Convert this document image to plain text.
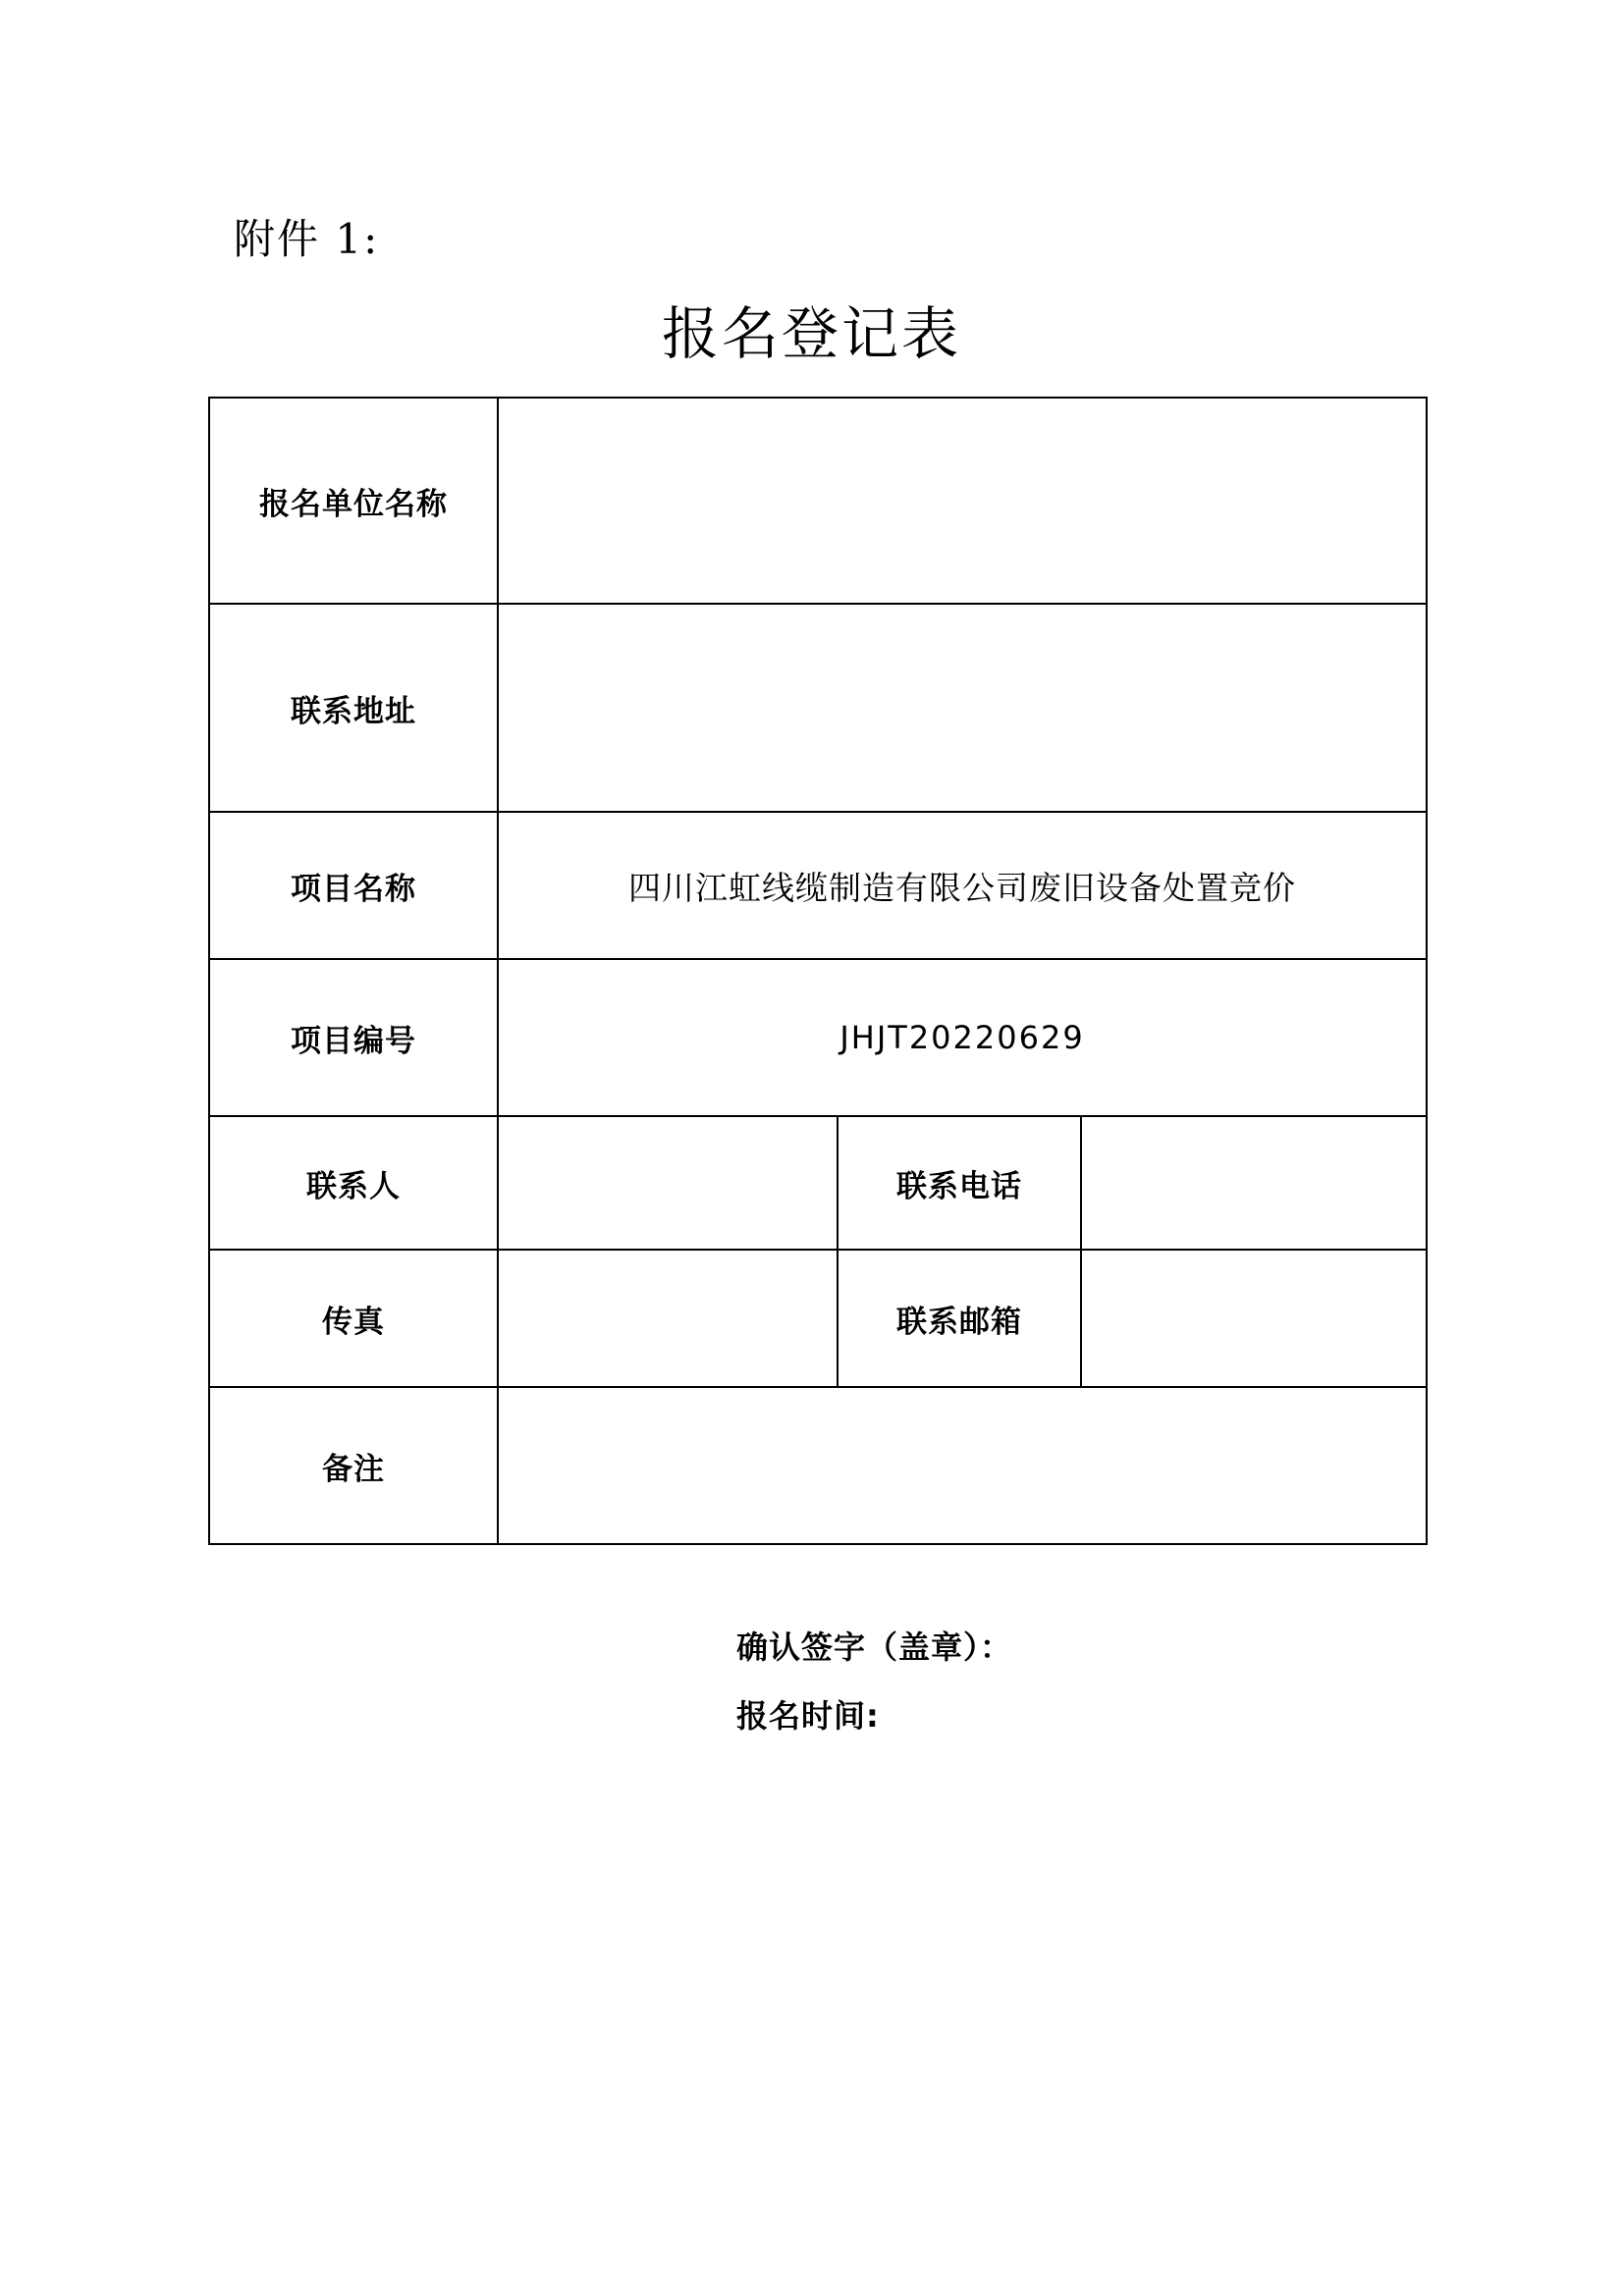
附件 1:
报名登记表
报名单位名称			
联系地址			
项目名称	四川江虹线缆制造有限公司废旧设备处置竞价		
项目编号	JHJT20220629		
联系人		联系电话	
传真		联系邮箱	
备注			
确认签字（盖章）：
报名时间:
